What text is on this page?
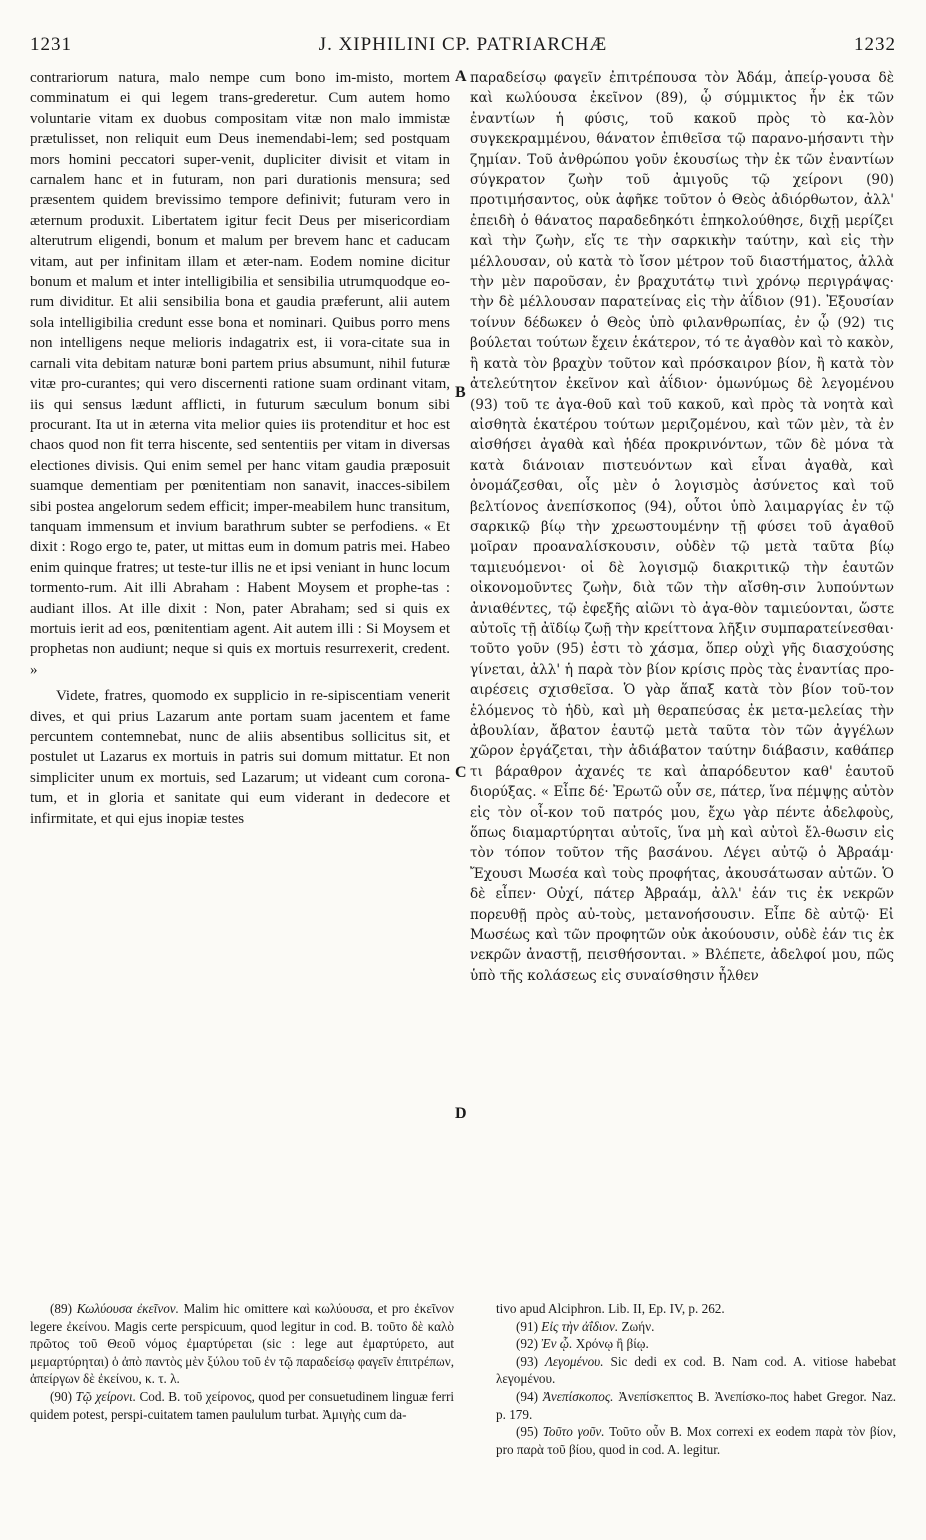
1231	J. XIPHILINI CP. PATRIARCHÆ	1232

contrariorum natura, malo nempe cum bono im-misto, mortem comminatum ei qui legem trans-grederetur. Cum autem homo voluntarie vitam ex duobus compositam vitæ non malo immistæ prætulisset, non reliquit eum Deus inemendabi-lem; sed postquam mors homini peccatori super-venit, dupliciter divisit et vitam in carnalem hanc et in futuram, non pari durationis mensura; sed præsentem quidem brevissimo tempore definivit; futuram vero in æternum produxit. Libertatem igitur fecit Deus per misericordiam alterutrum eligendi, bonum et malum per brevem hanc et caducam vitam, aut per infinitam illam et æter-nam. Eodem nomine dicitur bonum et malum et inter intelligibilia et sensibilia utrumquodque eo-rum dividitur. Et alii sensibilia bona et gaudia præferunt, alii autem sola intelligibilia credunt esse bona et nominari. Quibus porro mens non intelligens neque melioris indagatrix est, ii vora-citate sua in carnali vita debitam naturæ boni partem prius absumunt, nihil futuræ vitæ pro-curantes; qui vero discernenti ratione suam ordinant vitam, iis qui sensus lædunt afflicti, in futurum sæculum bonum sibi procurant. Ita ut in æterna vita melior quies iis protenditur et hoc est chaos quod non fit terra hiscente, sed sententiis per vitam in diversas electiones divisis. Qui enim semel per hanc vitam gaudia præposuit suamque dementiam per pœnitentiam non sanavit, inacces-sibilem sibi postea angelorum sedem efficit; imper-meabilem hunc transitum, tanquam immensum et invium barathrum subter se perfodiens. « Et dixit : Rogo ergo te, pater, ut mittas eum in domum patris mei. Habeo enim quinque fratres; ut teste-tur illis ne et ipsi veniant in hunc locum tormento-rum. Ait illi Abraham : Habent Moysem et prophe-tas : audiant illos. At ille dixit : Non, pater Abraham; sed si quis ex mortuis ierit ad eos, pœnitentiam agent. Ait autem illi : Si Moysem et prophetas non audiunt; neque si quis ex mortuis resurrexerit, credent. »

Videte, fratres, quomodo ex supplicio in re-sipiscentiam venerit dives, et qui prius Lazarum ante portam suam jacentem et fame percuntem contemnebat, nunc de aliis absentibus sollicitus sit, et postulet ut Lazarus ex mortuis in patris sui domum mittatur. Et non simpliciter unum ex mortuis, sed Lazarum; ut videant cum corona-tum, et in gloria et sanitate qui eum viderant in dedecore et infirmitate, et qui ejus inopiæ testes

A
B
C
D

παραδείσῳ φαγεῖν ἐπιτρέπουσα τὸν Ἀδάμ, ἀπείρ-γουσα δὲ καὶ κωλύουσα ἐκεῖνον (89), ᾧ σύμμικτος ἦν ἐκ τῶν ἐναντίων ἡ φύσις, τοῦ κακοῦ πρὸς τὸ κα-λὸν συγκεκραμμένου, θάνατον ἐπιθεῖσα τῷ παρανο-μήσαντι τὴν ζημίαν. Τοῦ ἀνθρώπου γοῦν ἑκουσίως τὴν ἐκ τῶν ἐναντίων σύγκρατον ζωὴν τοῦ ἀμιγοῦς τῷ χείρονι (90) προτιμήσαντος, οὐκ ἀφῆκε τοῦτον ὁ Θεὸς ἀδιόρθωτον, ἀλλ' ἐπειδὴ ὁ θάνατος παραδεδηκότι ἐπηκολούθησε, διχῇ μερίζει καὶ τὴν ζωὴν, εἴς τε τὴν σαρκικὴν ταύτην, καὶ εἰς τὴν μέλλουσαν, οὐ κατὰ τὸ ἴσον μέτρον τοῦ διαστήματος, ἀλλὰ τὴν μὲν παροῦσαν, ἐν βραχυτάτῳ τινὶ χρόνῳ περιγράψας· τὴν δὲ μέλλουσαν παρατείνας εἰς τὴν ἀΐδιον (91). Ἐξουσίαν τοίνυν δέδωκεν ὁ Θεὸς ὑπὸ φιλανθρωπίας, ἐν ᾧ (92) τις βούλεται τούτων ἔχειν ἑκάτερον, τό τε ἀγαθὸν καὶ τὸ κακὸν, ἢ κατὰ τὸν βραχὺν τοῦτον καὶ πρόσκαιρον βίον, ἢ κατὰ τὸν ἀτελεύτητον ἐκεῖνον καὶ ἀΐδιον· ὁμωνύμως δὲ λεγομένου (93) τοῦ τε ἀγα-θοῦ καὶ τοῦ κακοῦ, καὶ πρὸς τὰ νοητὰ καὶ αἰσθητὰ ἑκατέρου τούτων μεριζομένου, καὶ τῶν μὲν, τὰ ἐν αἰσθήσει ἀγαθὰ καὶ ἡδέα προκρινόντων, τῶν δὲ μόνα τὰ κατὰ διάνοιαν πιστευόντων καὶ εἶναι ἀγαθὰ, καὶ ὀνομάζεσθαι, οἷς μὲν ὁ λογισμὸς ἀσύνετος καὶ τοῦ βελτίονος ἀνεπίσκοπος (94), οὗτοι ὑπὸ λαιμαργίας ἐν τῷ σαρκικῷ βίῳ τὴν χρεωστουμένην τῇ φύσει τοῦ ἀγαθοῦ μοῖραν προαναλίσκουσιν, οὐδὲν τῷ μετὰ ταῦτα βίῳ ταμιευόμενοι· οἱ δὲ λογισμῷ διακριτικῷ τὴν ἑαυτῶν οἰκονομοῦντες ζωὴν, διὰ τῶν τὴν αἴσθη-σιν λυπούντων ἀνιαθέντες, τῷ ἐφεξῆς αἰῶνι τὸ ἀγα-θὸν ταμιεύονται, ὥστε αὐτοῖς τῇ ἀϊδίῳ ζωῇ τὴν κρείττονα λῆξιν συμπαρατείνεσθαι· τοῦτο γοῦν (95) ἐστι τὸ χάσμα, ὅπερ οὐχὶ γῆς διασχούσης γίνεται, ἀλλ' ἡ παρὰ τὸν βίον κρίσις πρὸς τὰς ἐναντίας προ-αιρέσεις σχισθεῖσα. Ὁ γὰρ ἅπαξ κατὰ τὸν βίον τοῦ-τον ἑλόμενος τὸ ἡδὺ, καὶ μὴ θεραπεύσας ἐκ μετα-μελείας τὴν ἀβουλίαν, ἄβατον ἑαυτῷ μετὰ ταῦτα τὸν τῶν ἀγγέλων χῶρον ἐργάζεται, τὴν ἀδιάβατον ταύτην διάβασιν, καθάπερ τι βάραθρον ἀχανές τε καὶ ἀπαρόδευτον καθ' ἑαυτοῦ διορύξας. « Εἶπε δέ· Ἐρωτῶ οὖν σε, πάτερ, ἵνα πέμψῃς αὐτὸν εἰς τὸν οἶ-κον τοῦ πατρός μου, ἔχω γὰρ πέντε ἀδελφοὺς, ὅπως διαμαρτύρηται αὐτοῖς, ἵνα μὴ καὶ αὐτοὶ ἔλ-θωσιν εἰς τὸν τόπον τοῦτον τῆς βασάνου. Λέγει αὐτῷ ὁ Ἀβραάμ· Ἔχουσι Μωσέα καὶ τοὺς προφήτας, ἀκουσάτωσαν αὐτῶν. Ὁ δὲ εἶπεν· Οὐχί, πάτερ Ἀβραάμ, ἀλλ' ἐάν τις ἐκ νεκρῶν πορευθῇ πρὸς αὐ-τοὺς, μετανοήσουσιν. Εἶπε δὲ αὐτῷ· Εἰ Μωσέως καὶ τῶν προφητῶν οὐκ ἀκούουσιν, οὐδὲ ἐάν τις ἐκ νεκρῶν ἀναστῇ, πεισθήσονται. » Βλέπετε, ἀδελφοί μου, πῶς ὑπὸ τῆς κολάσεως εἰς συναίσθησιν ἦλθεν

(89) Κωλύουσα ἐκεῖνον. Malim hic omittere καὶ κωλύουσα, et pro ἐκεῖνον legere ἐκείνου. Magis certe perspicuum, quod legitur in cod. B. τοῦτο δὲ καλὸ πρῶτος τοῦ Θεοῦ νόμος ἐμαρτύρεται (sic : lege aut ἐμαρτύρετο, aut μεμαρτύρηται) ὁ ἀπὸ παντὸς μὲν ξύλου τοῦ ἐν τῷ παραδείσῳ φαγεῖν ἐπιτρέπων, ἀπείργων δὲ ἐκείνου, κ. τ. λ.

(90) Τῷ χείρονι. Cod. B. τοῦ χείρονος, quod per consuetudinem linguæ ferri quidem potest, perspi-cuitatem tamen paululum turbat. Ἀμιγὴς cum da-

tivo apud Alciphron. Lib. II, Ep. IV, p. 262.

(91) Εἰς τὴν ἀΐδιον. Ζωήν.

(92) Ἐν ᾧ. Χρόνῳ ἢ βίῳ.

(93) Λεγομένου. Sic dedi ex cod. B. Nam cod. A. vitiose habebat λεγομένου.

(94) Ἀνεπίσκοπος. Ἀνεπίσκεπτος B. Ἀνεπίσκο-πος habet Gregor. Naz. p. 179.

(95) Τοῦτο γοῦν. Τοῦτο οὖν B. Mox correxi ex eodem παρὰ τὸν βίον, pro παρὰ τοῦ βίου, quod in cod. A. legitur.
